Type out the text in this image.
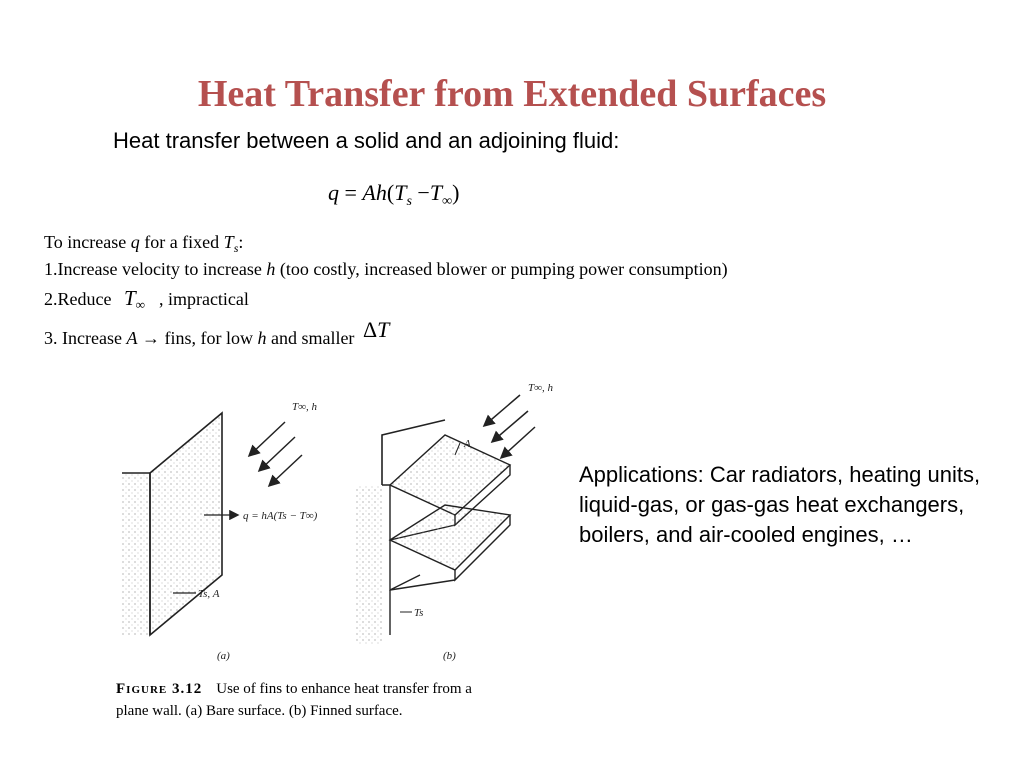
Heat Transfer from Extended Surfaces
Heat transfer between a solid and an adjoining fluid:
$q = Ah(T_s -T_\infty)$
To increase q for a fixed $T_s$:
1.Increase velocity to increase h (too costly, increased blower or pumping power consumption)
2.Reduce $T_\infty$ , impractical
3. Increase A → fins, for low h and smaller ΔT
Applications: Car radiators, heating units, liquid-gas, or gas-gas heat exchangers, boilers, and air-cooled engines, …
T∞, h
q = hA(Ts − T∞)
Ts, A
(a)
T∞, h
A
Ts
(b)
Figure 3.12 Use of fins to enhance heat transfer from a
plane wall. (a) Bare surface. (b) Finned surface.
